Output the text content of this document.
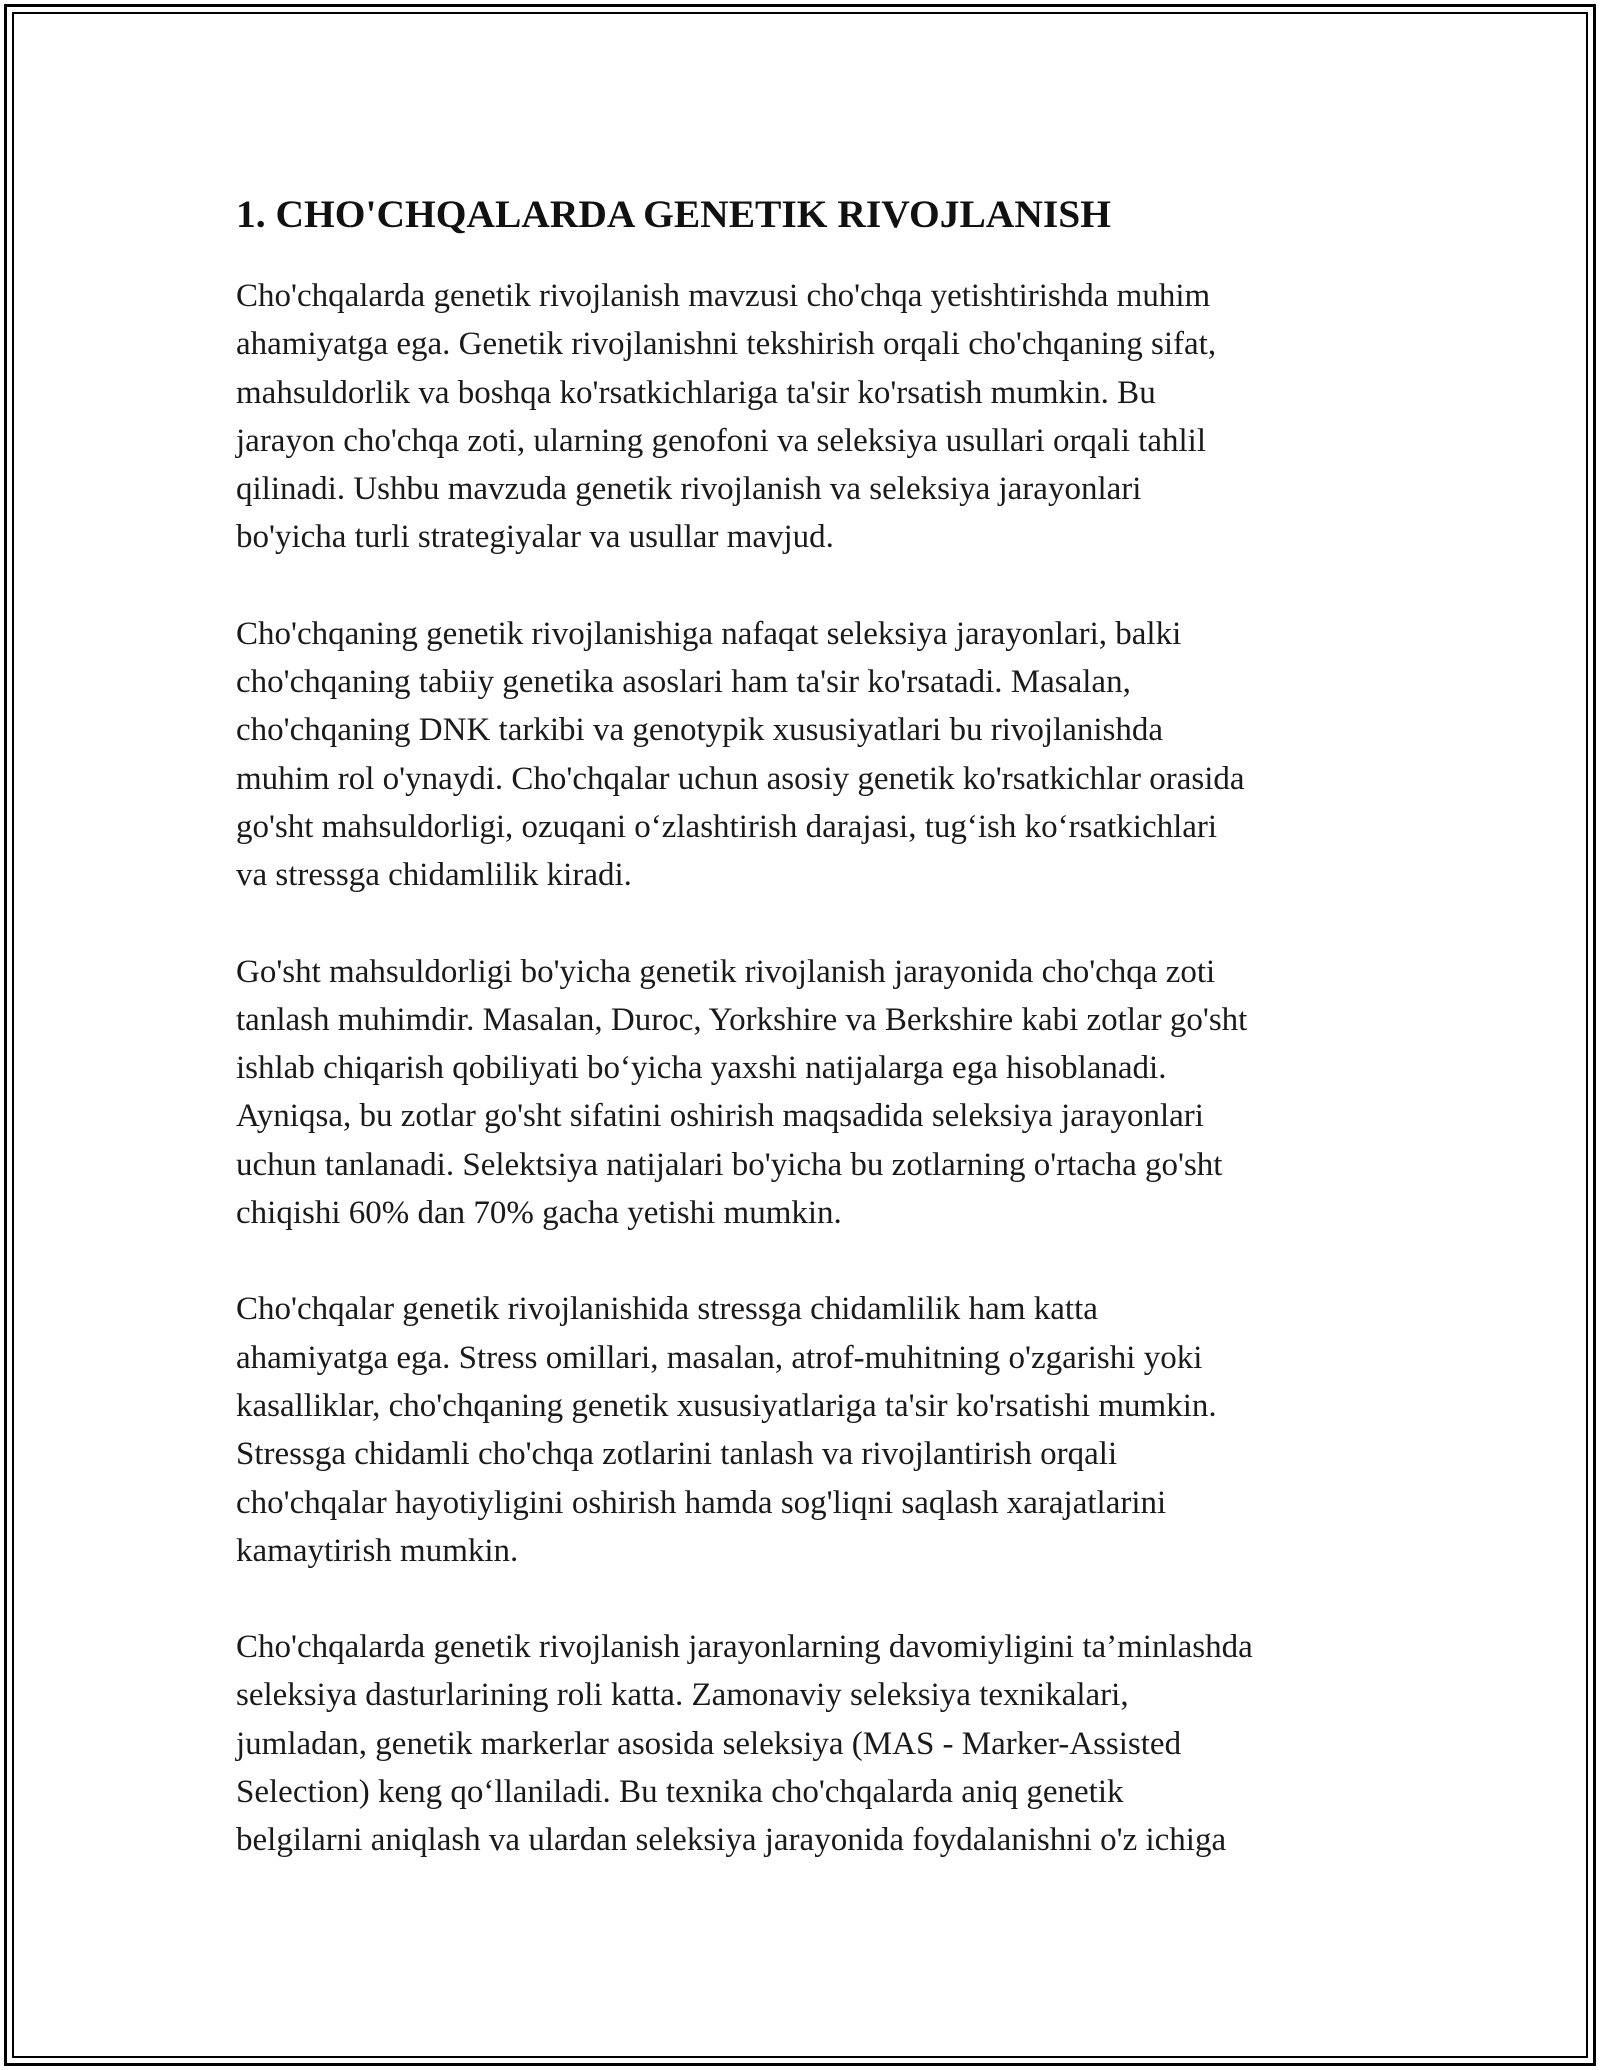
1. CHO'CHQALARDA GENETIK RIVOJLANISH

Cho'chqalarda genetik rivojlanish mavzusi cho'chqa yetishtirishda muhim
ahamiyatga ega. Genetik rivojlanishni tekshirish orqali cho'chqaning sifat,
mahsuldorlik va boshqa ko'rsatkichlariga ta'sir ko'rsatish mumkin. Bu
jarayon cho'chqa zoti, ularning genofoni va seleksiya usullari orqali tahlil
qilinadi. Ushbu mavzuda genetik rivojlanish va seleksiya jarayonlari
bo'yicha turli strategiyalar va usullar mavjud.

Cho'chqaning genetik rivojlanishiga nafaqat seleksiya jarayonlari, balki
cho'chqaning tabiiy genetika asoslari ham ta'sir ko'rsatadi. Masalan,
cho'chqaning DNK tarkibi va genotypik xususiyatlari bu rivojlanishda
muhim rol o'ynaydi. Cho'chqalar uchun asosiy genetik ko'rsatkichlar orasida
go'sht mahsuldorligi, ozuqani o‘zlashtirish darajasi, tug‘ish ko‘rsatkichlari
va stressga chidamlilik kiradi.

Go'sht mahsuldorligi bo'yicha genetik rivojlanish jarayonida cho'chqa zoti
tanlash muhimdir. Masalan, Duroc, Yorkshire va Berkshire kabi zotlar go'sht
ishlab chiqarish qobiliyati bo‘yicha yaxshi natijalarga ega hisoblanadi.
Ayniqsa, bu zotlar go'sht sifatini oshirish maqsadida seleksiya jarayonlari
uchun tanlanadi. Selektsiya natijalari bo'yicha bu zotlarning o'rtacha go'sht
chiqishi 60% dan 70% gacha yetishi mumkin.

Cho'chqalar genetik rivojlanishida stressga chidamlilik ham katta
ahamiyatga ega. Stress omillari, masalan, atrof-muhitning o'zgarishi yoki
kasalliklar, cho'chqaning genetik xususiyatlariga ta'sir ko'rsatishi mumkin.
Stressga chidamli cho'chqa zotlarini tanlash va rivojlantirish orqali
cho'chqalar hayotiyligini oshirish hamda sog'liqni saqlash xarajatlarini
kamaytirish mumkin.

Cho'chqalarda genetik rivojlanish jarayonlarning davomiyligini ta’minlashda
seleksiya dasturlarining roli katta. Zamonaviy seleksiya texnikalari,
jumladan, genetik markerlar asosida seleksiya (MAS - Marker-Assisted
Selection) keng qo‘llaniladi. Bu texnika cho'chqalarda aniq genetik
belgilarni aniqlash va ulardan seleksiya jarayonida foydalanishni o'z ichiga
